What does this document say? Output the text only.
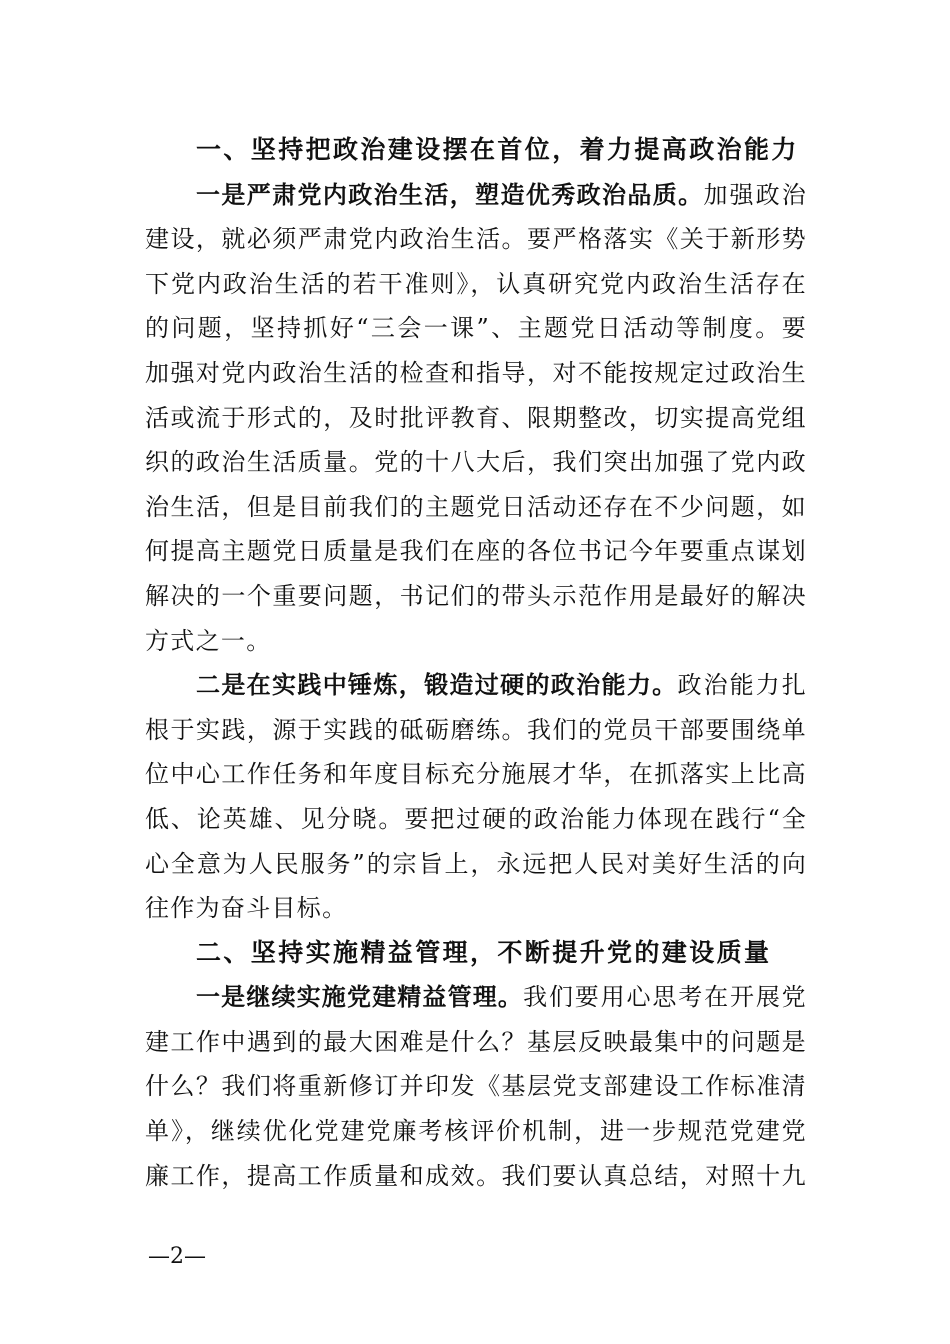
一、坚持把政治建设摆在首位，着力提高政治能力
一是严肃党内政治生活，塑造优秀政治品质。加强政治
建设，就必须严肃党内政治生活。要严格落实《关于新形势
下党内政治生活的若干准则》，认真研究党内政治生活存在
的问题，坚持抓好“三会一课”、主题党日活动等制度。要
加强对党内政治生活的检查和指导，对不能按规定过政治生
活或流于形式的，及时批评教育、限期整改，切实提高党组
织的政治生活质量。党的十八大后，我们突出加强了党内政
治生活，但是目前我们的主题党日活动还存在不少问题，如
何提高主题党日质量是我们在座的各位书记今年要重点谋划
解决的一个重要问题，书记们的带头示范作用是最好的解决
方式之一。
二是在实践中锤炼，锻造过硬的政治能力。政治能力扎
根于实践，源于实践的砥砺磨练。我们的党员干部要围绕单
位中心工作任务和年度目标充分施展才华，在抓落实上比高
低、论英雄、见分晓。要把过硬的政治能力体现在践行“全
心全意为人民服务”的宗旨上，永远把人民对美好生活的向
往作为奋斗目标。
二、坚持实施精益管理，不断提升党的建设质量
一是继续实施党建精益管理。我们要用心思考在开展党
建工作中遇到的最大困难是什么？基层反映最集中的问题是
什么？我们将重新修订并印发《基层党支部建设工作标准清
单》，继续优化党建党廉考核评价机制，进一步规范党建党
廉工作，提高工作质量和成效。我们要认真总结，对照十九
—2—
